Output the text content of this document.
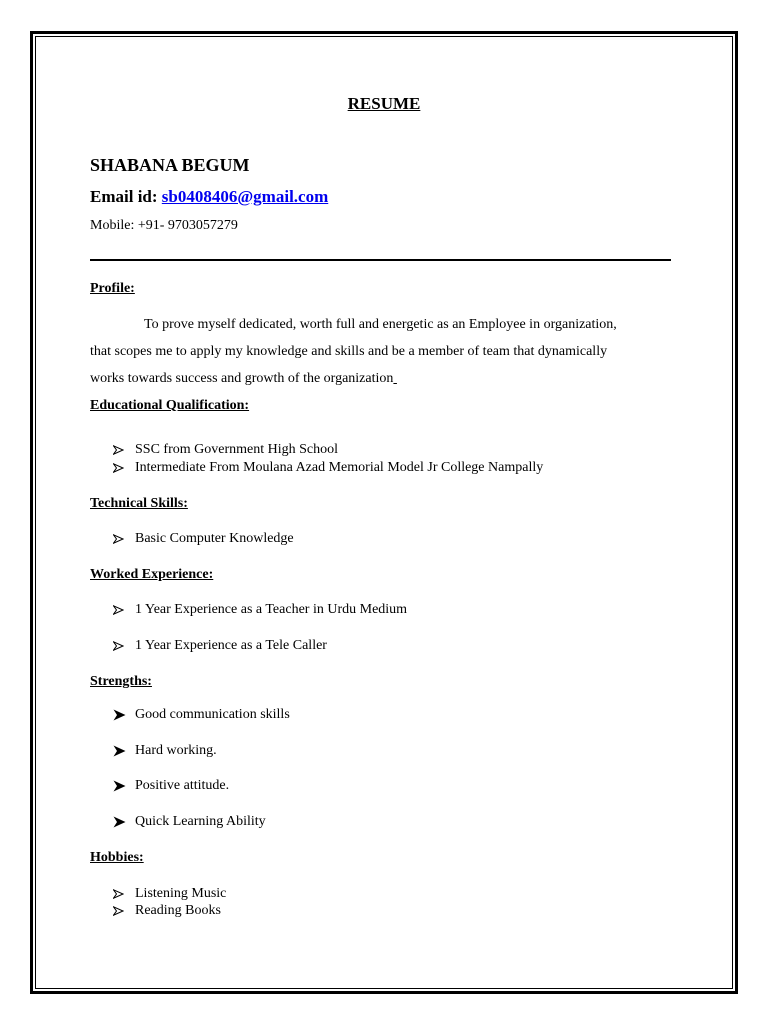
RESUME
SHABANA BEGUM
Email id: sb0408406@gmail.com
Mobile: +91- 9703057279
Profile:
To prove myself dedicated, worth full and energetic as an Employee in organization,
that scopes me to apply my knowledge and skills and be a member of team that dynamically
works towards success and growth of the organization
Educational Qualification:
SSC from Government High School
Intermediate From Moulana Azad Memorial Model Jr College Nampally
Technical Skills:
Basic Computer Knowledge
Worked Experience:
1 Year Experience as a Teacher in Urdu Medium
1 Year Experience as a Tele Caller
Strengths:
Good communication skills
Hard working.
Positive attitude.
Quick Learning Ability
Hobbies:
Listening Music
Reading Books
